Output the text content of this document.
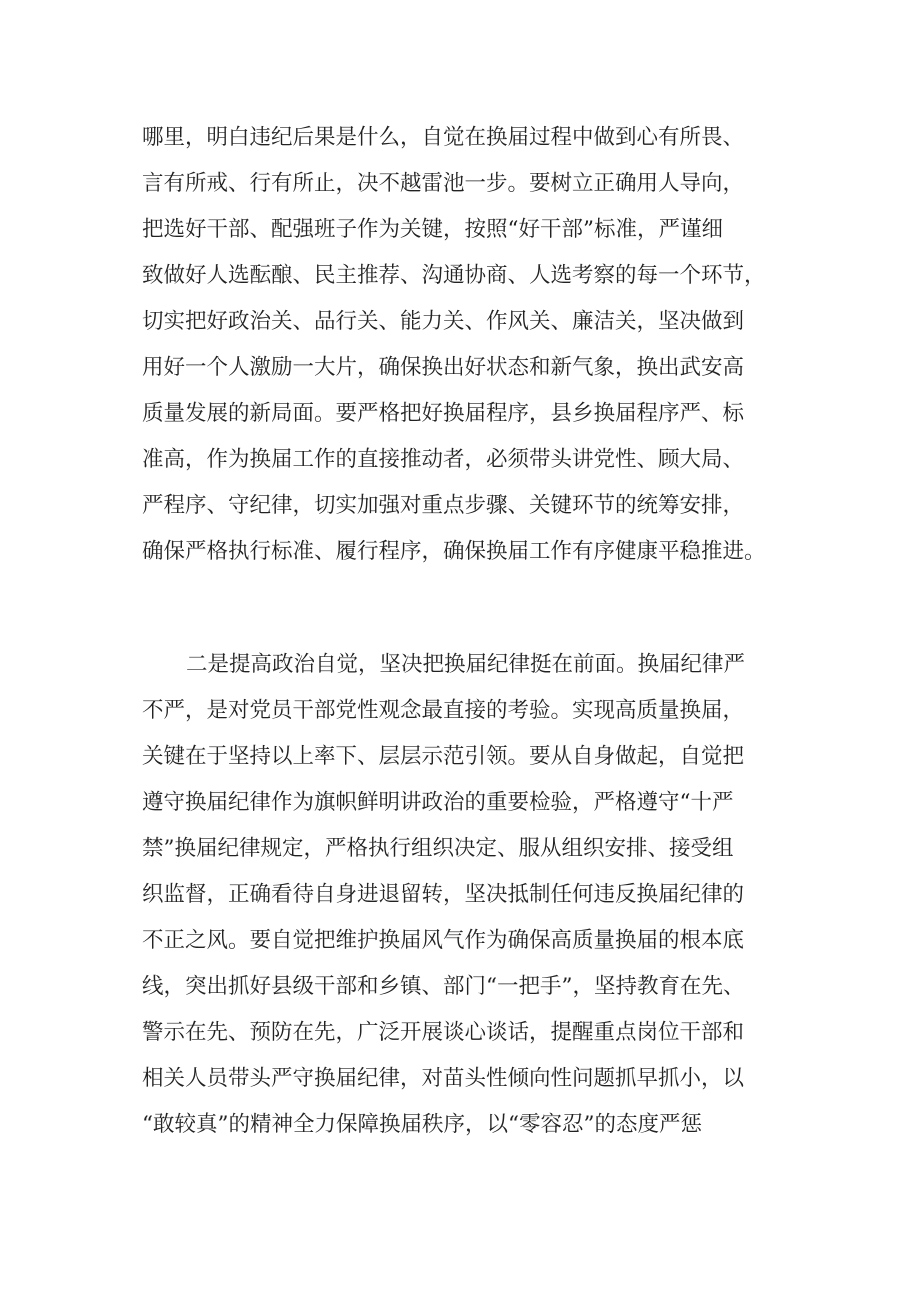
哪里，明白违纪后果是什么，自觉在换届过程中做到心有所畏、
言有所戒、行有所止，决不越雷池一步。要树立正确用人导向，
把选好干部、配强班子作为关键，按照“好干部”标准，严谨细
致做好人选酝酿、民主推荐、沟通协商、人选考察的每一个环节，
切实把好政治关、品行关、能力关、作风关、廉洁关，坚决做到
用好一个人激励一大片，确保换出好状态和新气象，换出武安高
质量发展的新局面。要严格把好换届程序，县乡换届程序严、标
准高，作为换届工作的直接推动者，必须带头讲党性、顾大局、
严程序、守纪律，切实加强对重点步骤、关键环节的统筹安排，
确保严格执行标准、履行程序，确保换届工作有序健康平稳推进。
二是提高政治自觉，坚决把换届纪律挺在前面。换届纪律严
不严，是对党员干部党性观念最直接的考验。实现高质量换届，
关键在于坚持以上率下、层层示范引领。要从自身做起，自觉把
遵守换届纪律作为旗帜鲜明讲政治的重要检验，严格遵守“十严
禁”换届纪律规定，严格执行组织决定、服从组织安排、接受组
织监督，正确看待自身进退留转，坚决抵制任何违反换届纪律的
不正之风。要自觉把维护换届风气作为确保高质量换届的根本底
线，突出抓好县级干部和乡镇、部门“一把手”，坚持教育在先、
警示在先、预防在先，广泛开展谈心谈话，提醒重点岗位干部和
相关人员带头严守换届纪律，对苗头性倾向性问题抓早抓小，以
“敢较真”的精神全力保障换届秩序，以“零容忍”的态度严惩
